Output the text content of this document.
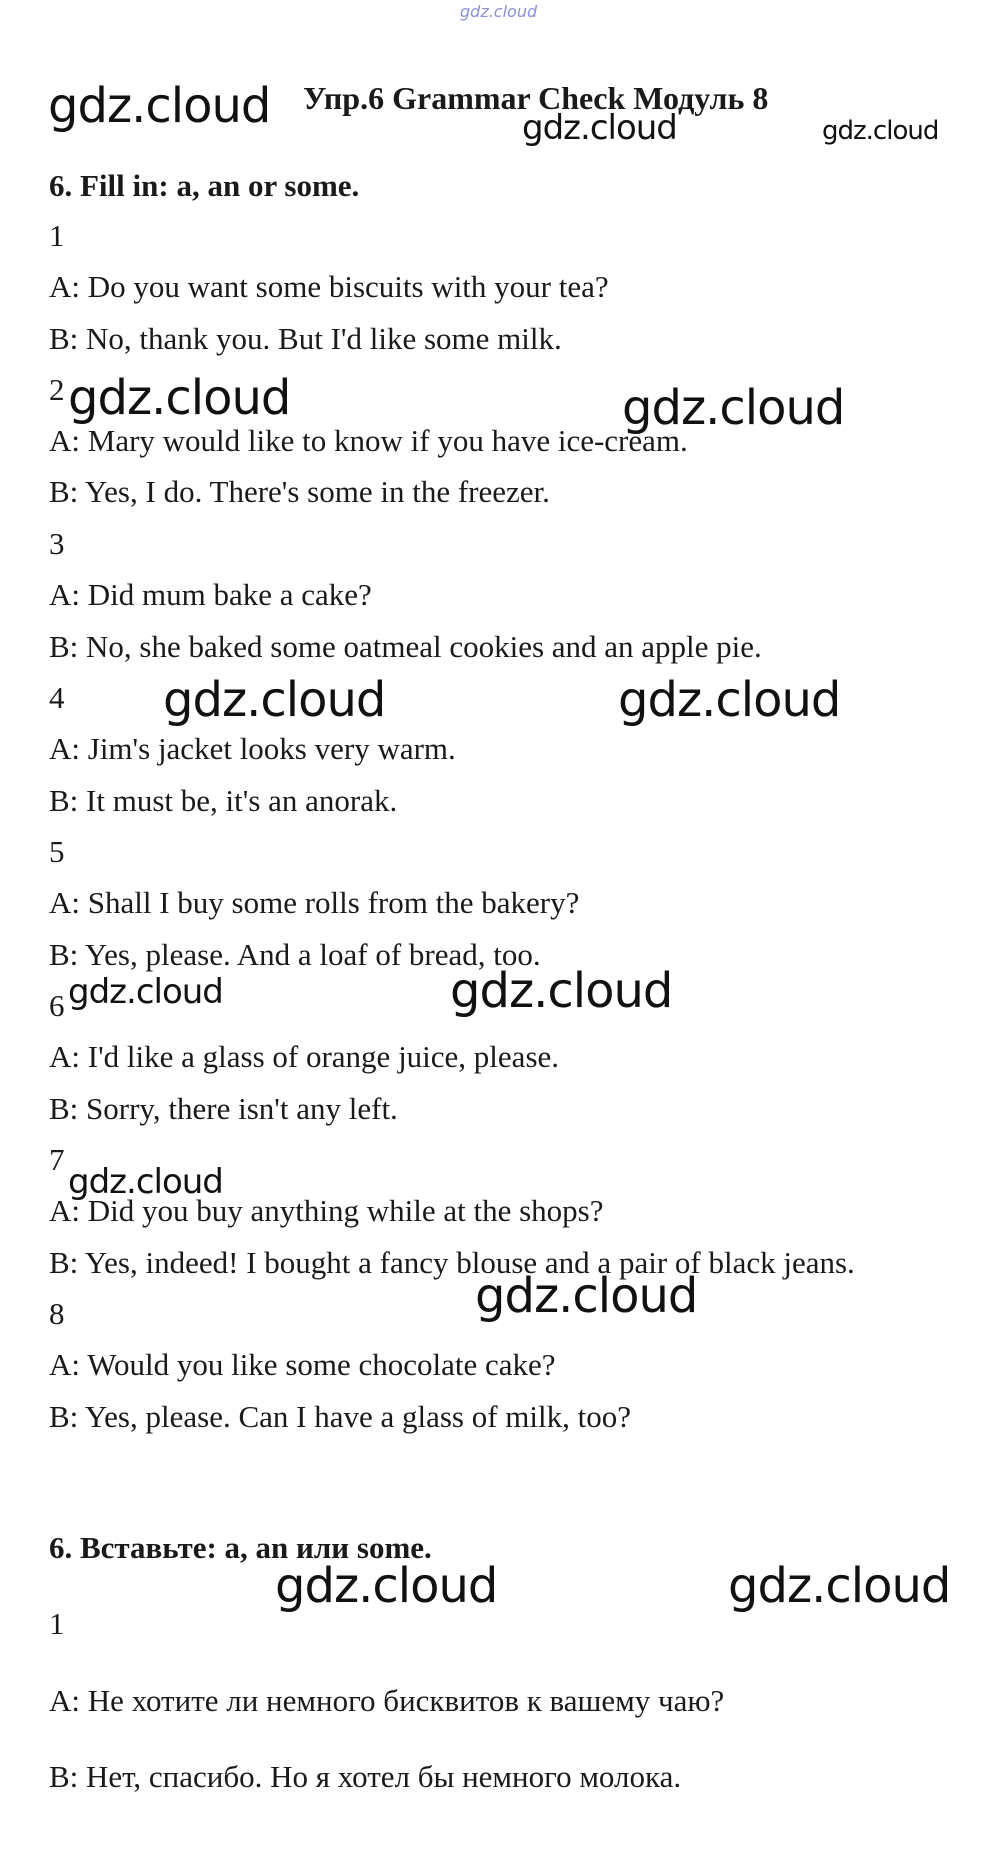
gdz.cloud
gdz.cloud Упр.6 Grammar Check Модуль 8
gdz.cloud	gdz.cloud
6. Fill in: a, an or some.
1
A: Do you want some biscuits with your tea?
B: No, thank you. But I'd like some milk.
2 gdz.cloud	gdz.cloud
A: Mary would like to know if you have ice-cream.
B: Yes, I do. There's some in the freezer.
3
A: Did mum bake a cake?
B: No, she baked some oatmeal cookies and an apple pie.
4 gdz.cloud	gdz.cloud
A: Jim's jacket looks very warm.
B: It must be, it's an anorak.
5
A: Shall I buy some rolls from the bakery?
B: Yes, please. And a loaf of bread, too.
6 gdz.cloud	gdz.cloud
A: I'd like a glass of orange juice, please.
B: Sorry, there isn't any left.
7
gdz.cloud
A: Did you buy anything while at the shops?
B: Yes, indeed! I bought a fancy blouse and a pair of black jeans.
gdz.cloud
8
A: Would you like some chocolate cake?
B: Yes, please. Can I have a glass of milk, too?
6. Вставьте: a, an или some.
gdz.cloud	gdz.cloud
1
A: Не хотите ли немного бисквитов к вашему чаю?
B: Нет, спасибо. Но я хотел бы немного молока.
